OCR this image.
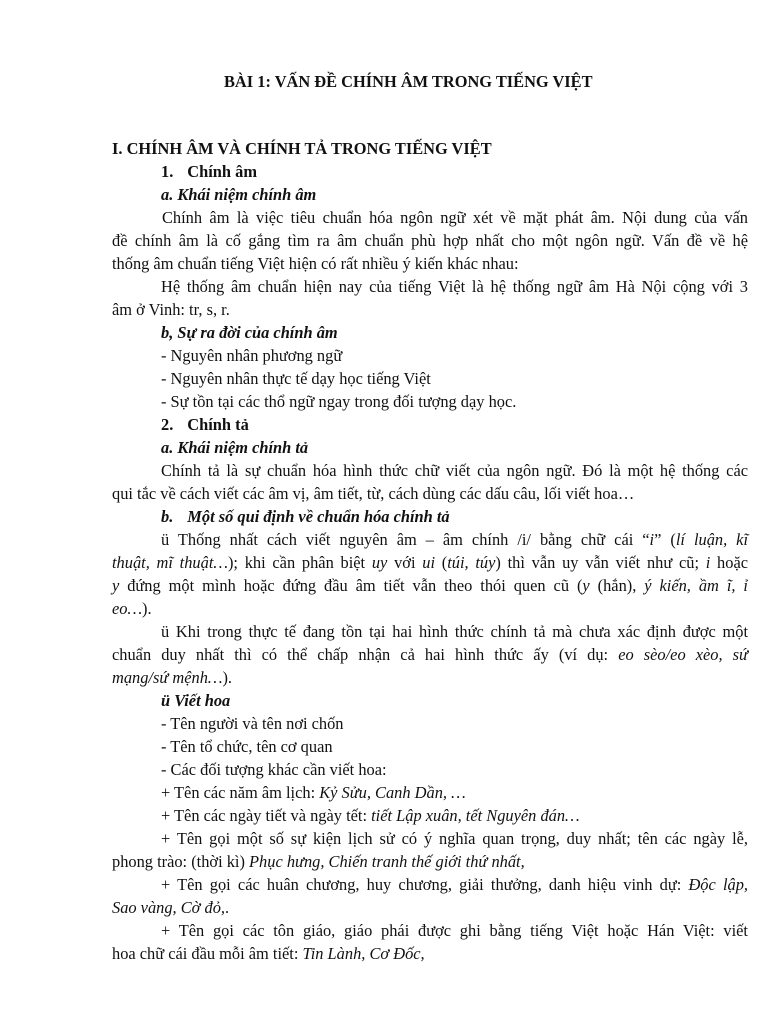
BÀI 1: VẤN ĐỀ CHÍNH ÂM TRONG TIẾNG VIỆT
I. CHÍNH ÂM VÀ CHÍNH TẢ TRONG TIẾNG VIỆT
1. Chính âm
a. Khái niệm chính âm
Chính âm là việc tiêu chuẩn hóa ngôn ngữ xét về mặt phát âm. Nội dung của vấn
đề chính âm là cố gắng tìm ra âm chuẩn phù hợp nhất cho một ngôn ngữ. Vấn đề về hệ
thống âm chuẩn tiếng Việt hiện có rất nhiều ý kiến khác nhau:
Hệ thống âm chuẩn hiện nay của tiếng Việt là hệ thống ngữ âm Hà Nội cộng với 3
âm ở Vinh: tr, s, r.
b, Sự ra đời của chính âm
- Nguyên nhân phương ngữ
- Nguyên nhân thực tế dạy học tiếng Việt
- Sự tồn tại các thổ ngữ ngay trong đối tượng dạy học.
2. Chính tả
a. Khái niệm chính tả
Chính tả là sự chuẩn hóa hình thức chữ viết của ngôn ngữ. Đó là một hệ thống các
qui tắc về cách viết các âm vị, âm tiết, từ, cách dùng các dấu câu, lối viết hoa…
b. Một số qui định về chuẩn hóa chính tả
ü Thống nhất cách viết nguyên âm – âm chính /i/ bằng chữ cái “i” (lí luận, kĩ
thuật, mĩ thuật…); khi cần phân biệt uy với ui (túi, túy) thì vẫn uy vẫn viết như cũ; i hoặc
y đứng một mình hoặc đứng đầu âm tiết vẫn theo thói quen cũ (y (hắn), ý kiến, ầm ĩ, ỉ
eo…).
ü Khi trong thực tế đang tồn tại hai hình thức chính tả mà chưa xác định được một
chuẩn duy nhất thì có thể chấp nhận cả hai hình thức ấy (ví dụ: eo sèo/eo xèo, sứ
mạng/sứ mệnh…).
ü Viết hoa
- Tên người và tên nơi chốn
- Tên tổ chức, tên cơ quan
- Các đối tượng khác cần viết hoa:
+ Tên các năm âm lịch: Kỷ Sửu, Canh Dần, …
+ Tên các ngày tiết và ngày tết: tiết Lập xuân, tết Nguyên đán…
+ Tên gọi một số sự kiện lịch sử có ý nghĩa quan trọng, duy nhất; tên các ngày lễ,
phong trào: (thời kì) Phục hưng, Chiến tranh thế giới thứ nhất,
+ Tên gọi các huân chương, huy chương, giải thưởng, danh hiệu vinh dự: Độc lập,
Sao vàng, Cờ đỏ,.
+ Tên gọi các tôn giáo, giáo phái được ghi bằng tiếng Việt hoặc Hán Việt: viết
hoa chữ cái đầu mỗi âm tiết: Tin Lành, Cơ Đốc,
